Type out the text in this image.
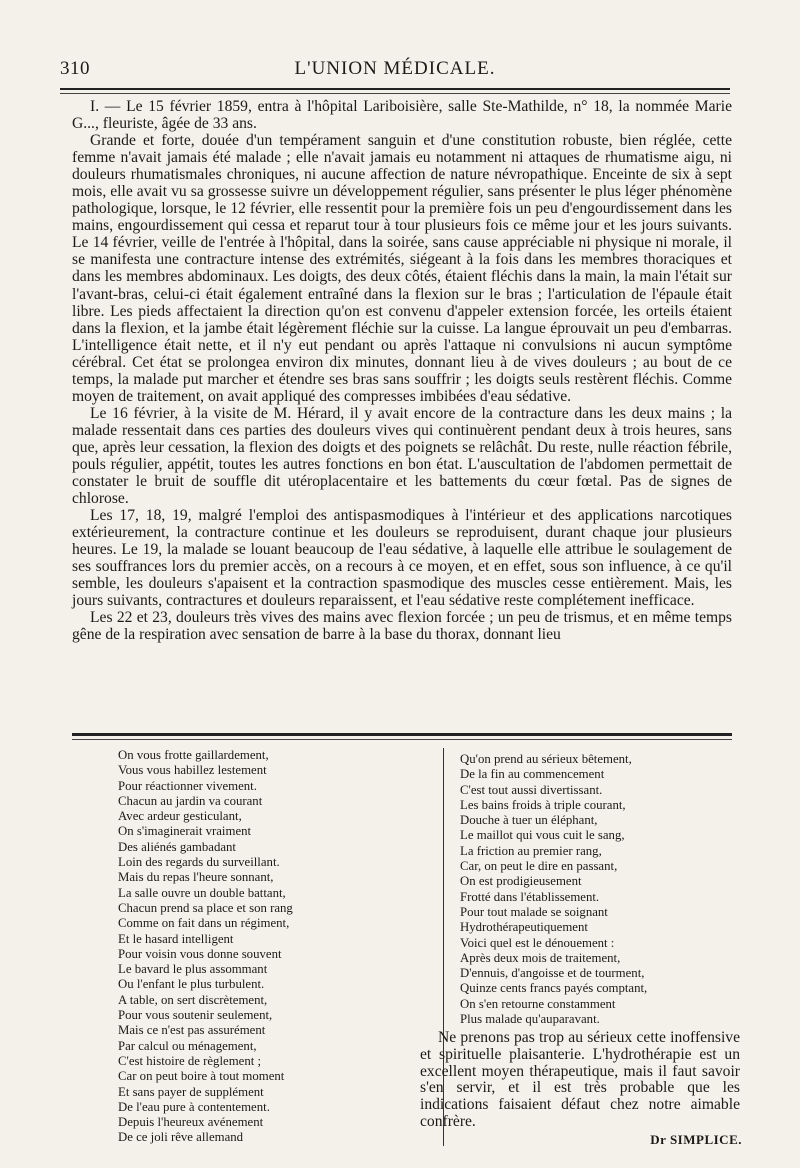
310	L'UNION MÉDICALE.

I. — Le 15 février 1859, entra à l'hôpital Lariboisière, salle Ste-Mathilde, n° 18, la nommée Marie G..., fleuriste, âgée de 33 ans.

Grande et forte, douée d'un tempérament sanguin et d'une constitution robuste, bien réglée, cette femme n'avait jamais été malade ; elle n'avait jamais eu notamment ni attaques de rhumatisme aigu, ni douleurs rhumatismales chroniques, ni aucune affection de nature névropathique. Enceinte de six à sept mois, elle avait vu sa grossesse suivre un développement régulier, sans présenter le plus léger phénomène pathologique, lorsque, le 12 février, elle ressentit pour la première fois un peu d'engourdissement dans les mains, engourdissement qui cessa et reparut tour à tour plusieurs fois ce même jour et les jours suivants. Le 14 février, veille de l'entrée à l'hôpital, dans la soirée, sans cause appréciable ni physique ni morale, il se manifesta une contracture intense des extrémités, siégeant à la fois dans les membres thoraciques et dans les membres abdominaux. Les doigts, des deux côtés, étaient fléchis dans la main, la main l'était sur l'avant-bras, celui-ci était également entraîné dans la flexion sur le bras ; l'articulation de l'épaule était libre. Les pieds affectaient la direction qu'on est convenu d'appeler extension forcée, les orteils étaient dans la flexion, et la jambe était légèrement fléchie sur la cuisse. La langue éprouvait un peu d'embarras. L'intelligence était nette, et il n'y eut pendant ou après l'attaque ni convulsions ni aucun symptôme cérébral. Cet état se prolongea environ dix minutes, donnant lieu à de vives douleurs ; au bout de ce temps, la malade put marcher et étendre ses bras sans souffrir ; les doigts seuls restèrent fléchis. Comme moyen de traitement, on avait appliqué des compresses imbibées d'eau sédative.

Le 16 février, à la visite de M. Hérard, il y avait encore de la contracture dans les deux mains ; la malade ressentait dans ces parties des douleurs vives qui continuèrent pendant deux à trois heures, sans que, après leur cessation, la flexion des doigts et des poignets se relâchât. Du reste, nulle réaction fébrile, pouls régulier, appétit, toutes les autres fonctions en bon état. L'auscultation de l'abdomen permettait de constater le bruit de souffle dit utéroplacentaire et les battements du cœur fœtal. Pas de signes de chlorose.

Les 17, 18, 19, malgré l'emploi des antispasmodiques à l'intérieur et des applications narcotiques extérieurement, la contracture continue et les douleurs se reproduisent, durant chaque jour plusieurs heures. Le 19, la malade se louant beaucoup de l'eau sédative, à laquelle elle attribue le soulagement de ses souffrances lors du premier accès, on a recours à ce moyen, et en effet, sous son influence, à ce qu'il semble, les douleurs s'apaisent et la contraction spasmodique des muscles cesse entièrement. Mais, les jours suivants, contractures et douleurs reparaissent, et l'eau sédative reste complétement inefficace.

Les 22 et 23, douleurs très vives des mains avec flexion forcée ; un peu de trismus, et en même temps gêne de la respiration avec sensation de barre à la base du thorax, donnant lieu

On vous frotte gaillardement,
Vous vous habillez lestement
Pour réactionner vivement.
Chacun au jardin va courant
Avec ardeur gesticulant,
On s'imaginerait vraiment
Des aliénés gambadant
Loin des regards du surveillant.
Mais du repas l'heure sonnant,
La salle ouvre un double battant,
Chacun prend sa place et son rang
Comme on fait dans un régiment,
Et le hasard intelligent
Pour voisin vous donne souvent
Le bavard le plus assommant
Ou l'enfant le plus turbulent.
A table, on sert discrètement,
Pour vous soutenir seulement,
Mais ce n'est pas assurément
Par calcul ou ménagement,
C'est histoire de règlement ;
Car on peut boire à tout moment
Et sans payer de supplément
De l'eau pure à contentement.
Depuis l'heureux avénement
De ce joli rêve allemand
Qu'on prend au sérieux bêtement,
De la fin au commencement
C'est tout aussi divertissant.
Les bains froids à triple courant,
Douche à tuer un éléphant,
Le maillot qui vous cuit le sang,
La friction au premier rang,
Car, on peut le dire en passant,
On est prodigieusement
Frotté dans l'établissement.
Pour tout malade se soignant
Hydrothérapeutiquement
Voici quel est le dénouement :
Après deux mois de traitement,
D'ennuis, d'angoisse et de tourment,
Quinze cents francs payés comptant,
On s'en retourne constamment
Plus malade qu'auparavant.

Ne prenons pas trop au sérieux cette inoffensive et spirituelle plaisanterie. L'hydrothérapie est un excellent moyen thérapeutique, mais il faut savoir s'en servir, et il est très probable que les indications faisaient défaut chez notre aimable confrère.

Dr SIMPLICE.
